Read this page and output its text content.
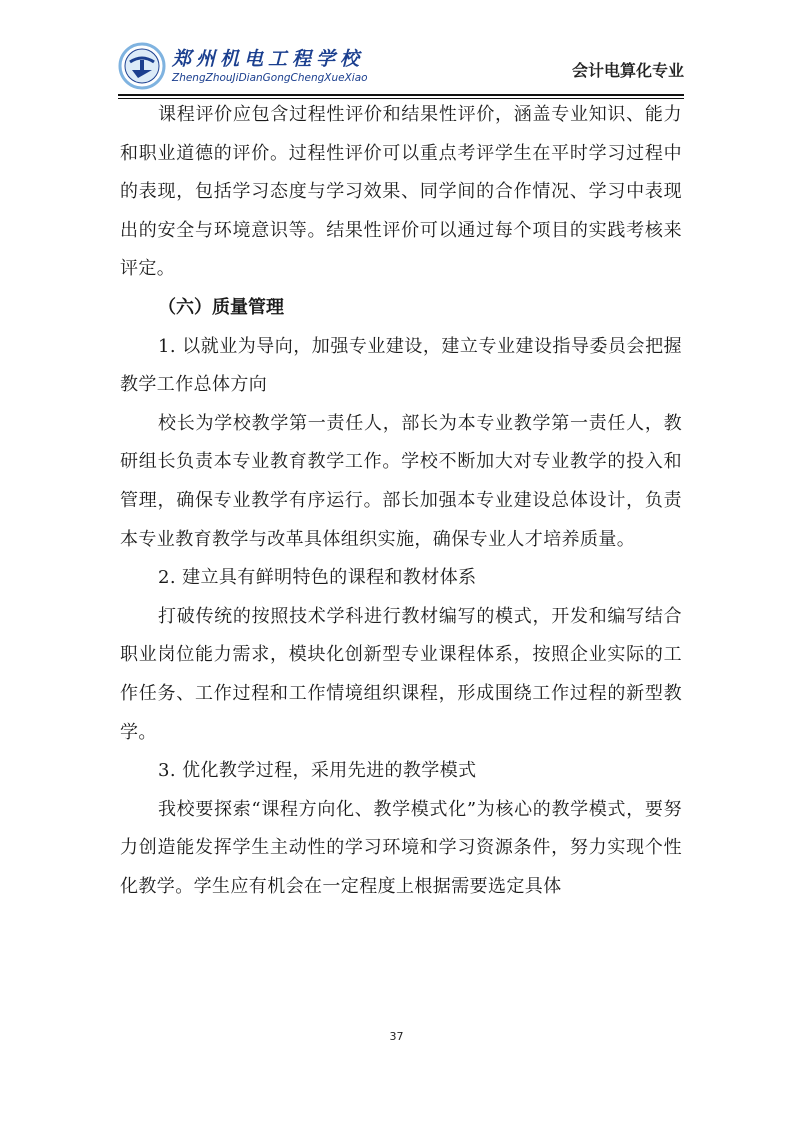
郑州机电工程学校
ZhengZhouJiDianGongChengXueXiao	会计电算化专业

课程评价应包含过程性评价和结果性评价，涵盖专业知识、能力和职业道德的评价。过程性评价可以重点考评学生在平时学习过程中的表现，包括学习态度与学习效果、同学间的合作情况、学习中表现出的安全与环境意识等。结果性评价可以通过每个项目的实践考核来评定。

（六）质量管理

1. 以就业为导向，加强专业建设，建立专业建设指导委员会把握教学工作总体方向

校长为学校教学第一责任人，部长为本专业教学第一责任人，教研组长负责本专业教育教学工作。学校不断加大对专业教学的投入和管理，确保专业教学有序运行。部长加强本专业建设总体设计，负责本专业教育教学与改革具体组织实施，确保专业人才培养质量。

2. 建立具有鲜明特色的课程和教材体系

打破传统的按照技术学科进行教材编写的模式，开发和编写结合职业岗位能力需求，模块化创新型专业课程体系，按照企业实际的工作任务、工作过程和工作情境组织课程，形成围绕工作过程的新型教学。

3. 优化教学过程，采用先进的教学模式

我校要探索“课程方向化、教学模式化”为核心的教学模式，要努力创造能发挥学生主动性的学习环境和学习资源条件，努力实现个性化教学。学生应有机会在一定程度上根据需要选定具体

37
